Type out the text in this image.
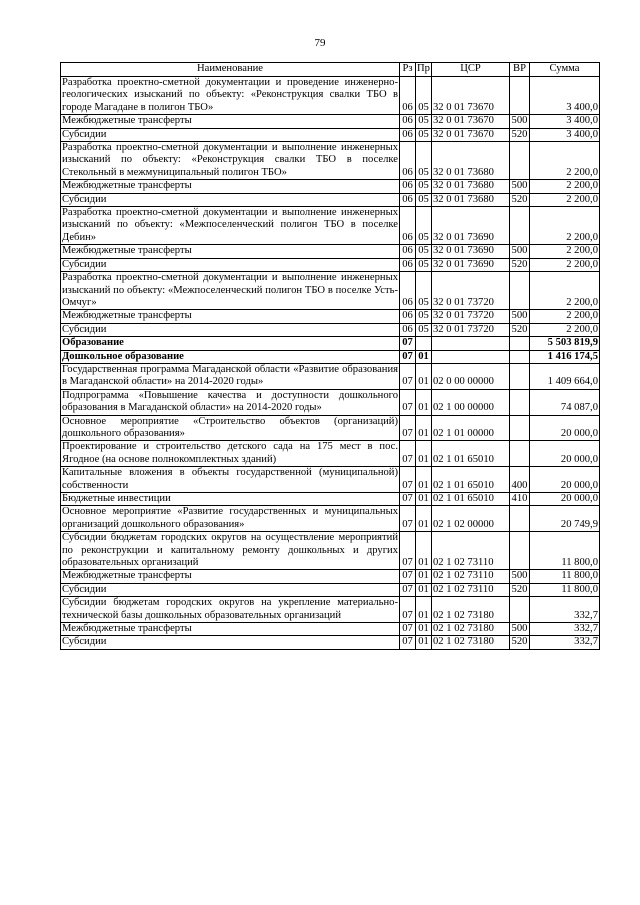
79
Наименование	Рз	Пр	ЦСР	ВР	Сумма
Разработка проектно-сметной документации и проведение инженерно-геологических изысканий по объекту: «Реконструкция свалки ТБО в городе Магадане в полигон ТБО»	06	05	32 0 01 73670		3 400,0
Межбюджетные трансферты	06	05	32 0 01 73670	500	3 400,0
Субсидии	06	05	32 0 01 73670	520	3 400,0
Разработка проектно-сметной документации и выполнение инженерных изысканий по объекту: «Реконструкция свалки ТБО в поселке Стекольный в межмуниципальный полигон ТБО»	06	05	32 0 01 73680		2 200,0
Межбюджетные трансферты	06	05	32 0 01 73680	500	2 200,0
Субсидии	06	05	32 0 01 73680	520	2 200,0
Разработка проектно-сметной документации и выполнение инженерных изысканий по объекту: «Межпоселенческий полигон ТБО в поселке Дебин»	06	05	32 0 01 73690		2 200,0
Межбюджетные трансферты	06	05	32 0 01 73690	500	2 200,0
Субсидии	06	05	32 0 01 73690	520	2 200,0
Разработка проектно-сметной документации и выполнение инженерных изысканий по объекту: «Межпоселенческий полигон ТБО в поселке Усть-Омчуг»	06	05	32 0 01 73720		2 200,0
Межбюджетные трансферты	06	05	32 0 01 73720	500	2 200,0
Субсидии	06	05	32 0 01 73720	520	2 200,0
Образование	07				5 503 819,9
Дошкольное образование	07	01			1 416 174,5
Государственная программа Магаданской области «Развитие образования в Магаданской области» на 2014-2020 годы»	07	01	02 0 00 00000		1 409 664,0
Подпрограмма «Повышение качества и доступности дошкольного образования в Магаданской области» на 2014-2020 годы»	07	01	02 1 00 00000		74 087,0
Основное мероприятие «Строительство объектов (организаций) дошкольного образования»	07	01	02 1 01 00000		20 000,0
Проектирование и строительство детского сада на 175 мест в пос. Ягодное (на основе полнокомплектных зданий)	07	01	02 1 01 65010		20 000,0
Капитальные вложения в объекты государственной (муниципальной) собственности	07	01	02 1 01 65010	400	20 000,0
Бюджетные инвестиции	07	01	02 1 01 65010	410	20 000,0
Основное мероприятие «Развитие государственных и муниципальных организаций дошкольного образования»	07	01	02 1 02 00000		20 749,9
Субсидии бюджетам городских округов на осуществление мероприятий по реконструкции и капитальному ремонту дошкольных и других образовательных организаций	07	01	02 1 02 73110		11 800,0
Межбюджетные трансферты	07	01	02 1 02 73110	500	11 800,0
Субсидии	07	01	02 1 02 73110	520	11 800,0
Субсидии бюджетам городских округов на укрепление материально-технической базы дошкольных образовательных организаций	07	01	02 1 02 73180		332,7
Межбюджетные трансферты	07	01	02 1 02 73180	500	332,7
Субсидии	07	01	02 1 02 73180	520	332,7
